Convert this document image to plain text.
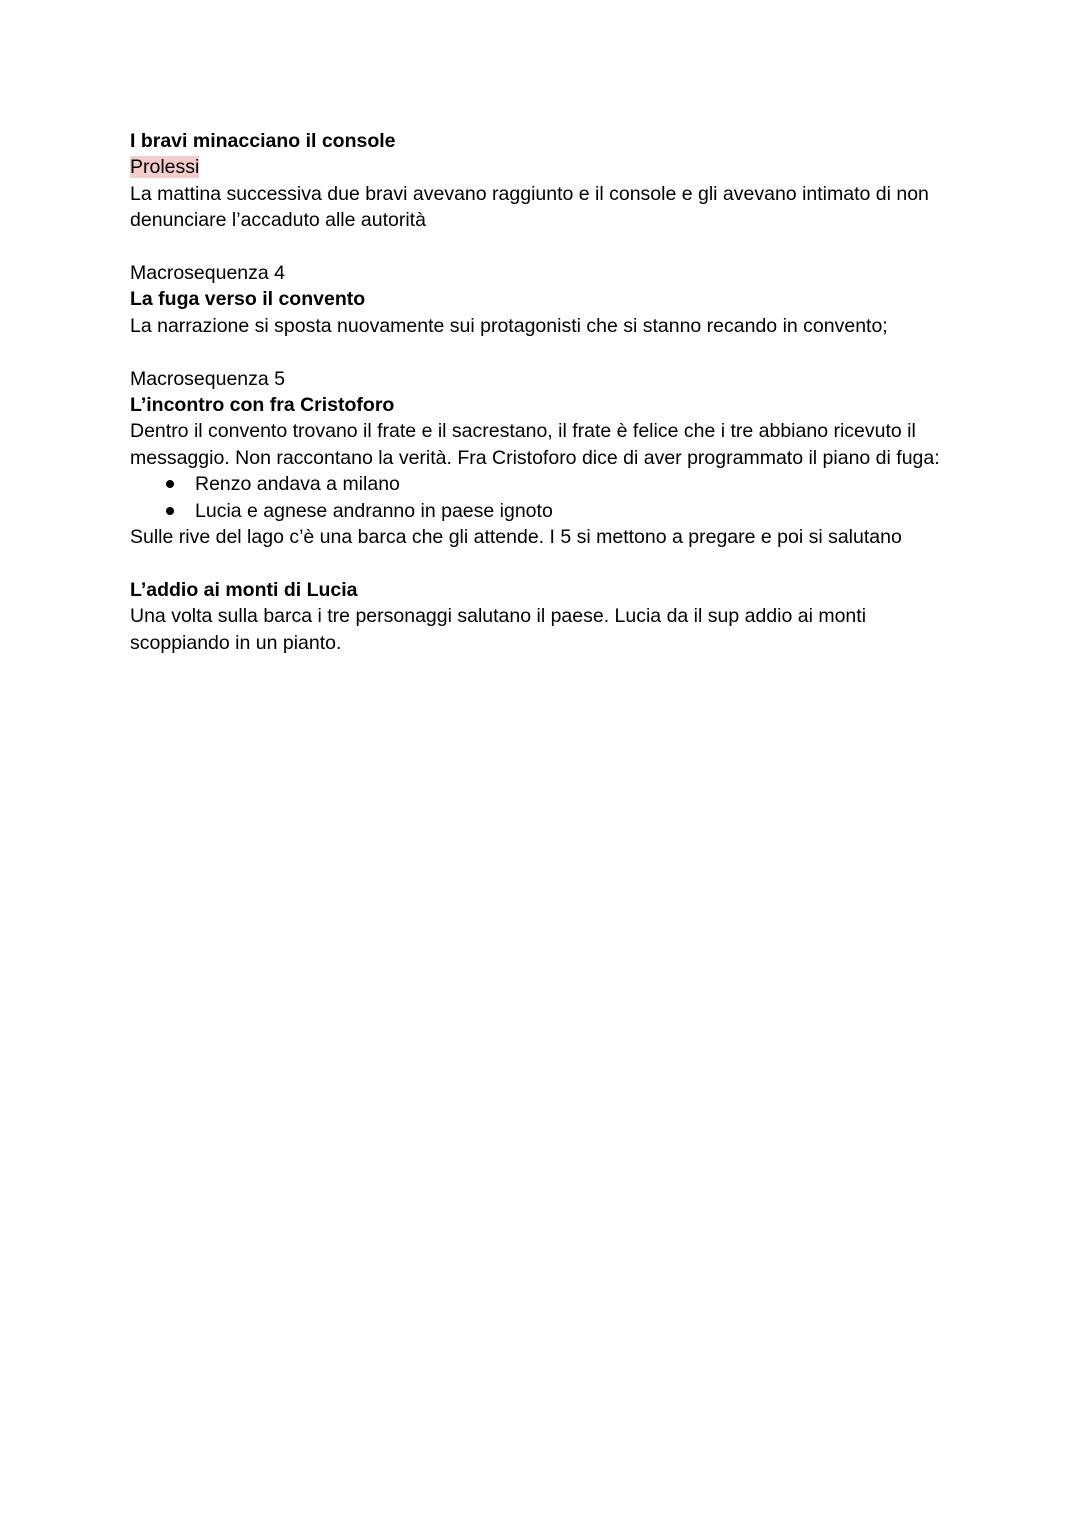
I bravi minacciano il console

Prolessi

La mattina successiva due bravi avevano raggiunto e il console e gli avevano intimato di non denunciare l’accaduto alle autorità

Macrosequenza 4

La fuga verso il convento

La narrazione si sposta nuovamente sui protagonisti che si stanno recando in convento;

Macrosequenza 5

L’incontro con fra Cristoforo

Dentro il convento trovano il frate e il sacrestano, il frate è felice che i tre abbiano ricevuto il messaggio. Non raccontano la verità. Fra Cristoforo dice di aver programmato il piano di fuga:

Renzo andava a milano
Lucia e agnese andranno in paese ignoto

Sulle rive del lago c’è una barca che gli attende. I 5 si mettono a pregare e poi si salutano

L’addio ai monti di Lucia

Una volta sulla barca i tre personaggi salutano il paese. Lucia da il sup addio ai monti scoppiando in un pianto.
